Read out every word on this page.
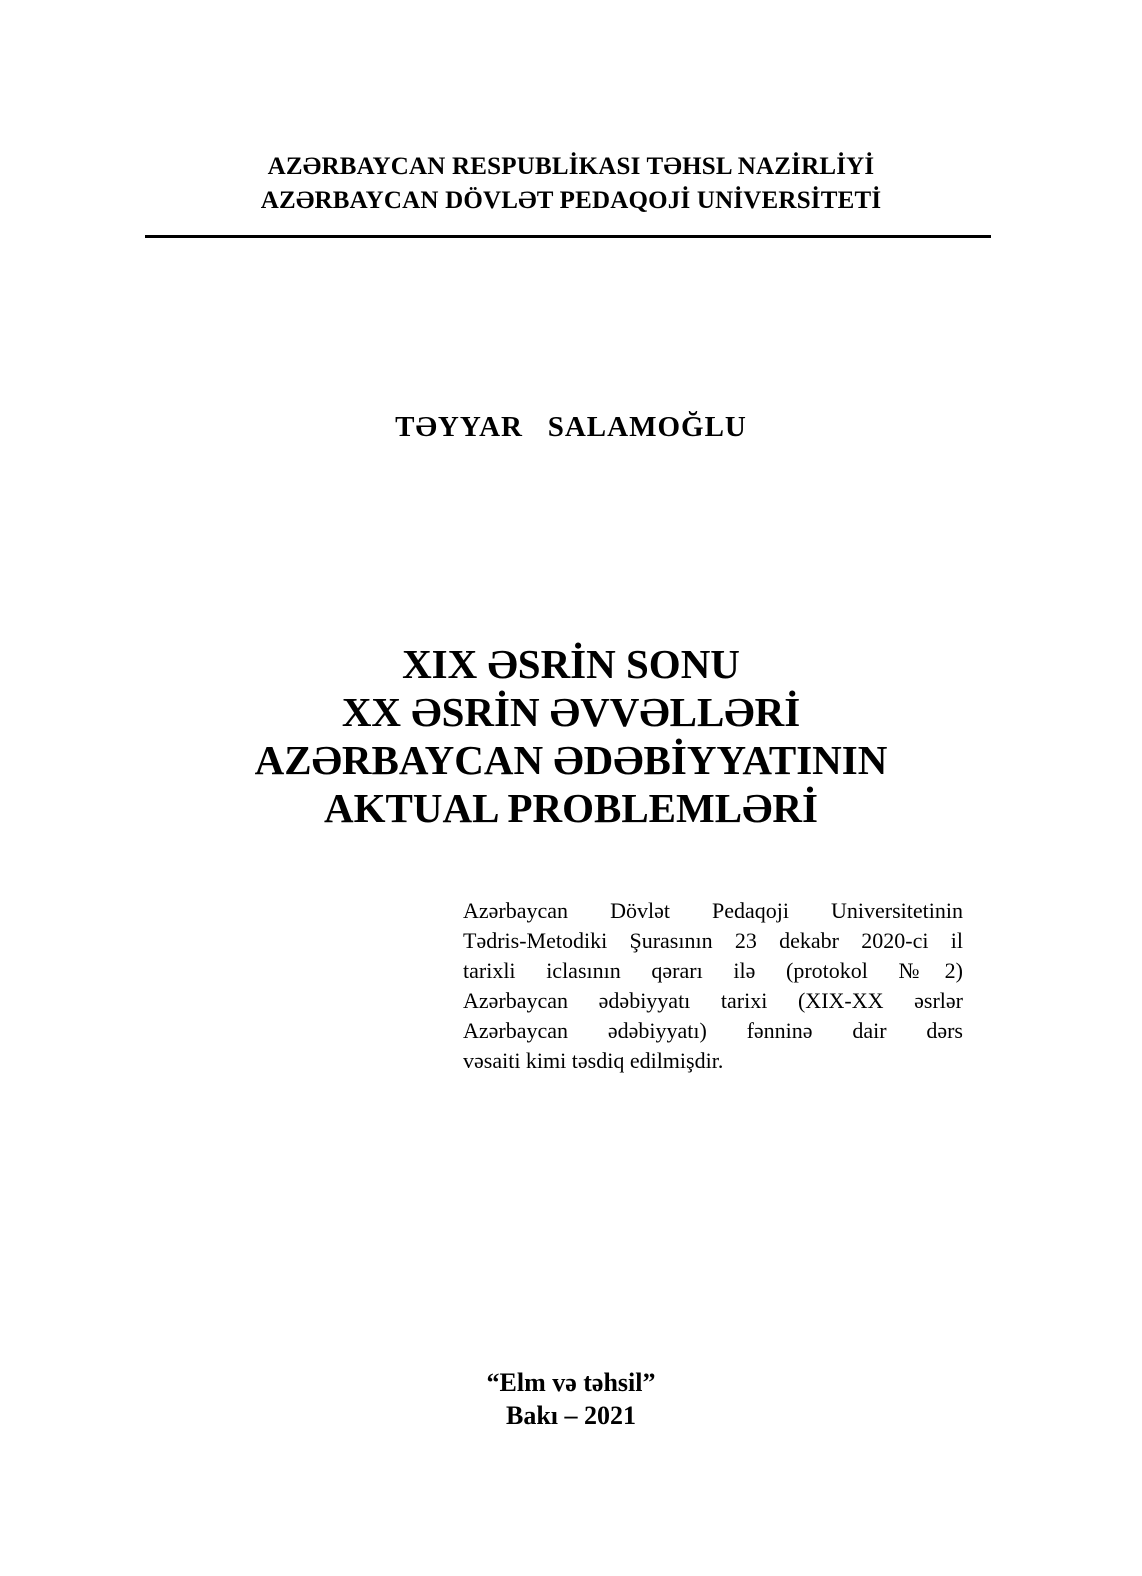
AZƏRBAYCAN RESPUBLİKASI TƏHSL NAZİRLİYİ
AZƏRBAYCAN DÖVLƏT PEDAQOJİ UNİVERSİTETİ
TƏYYAR   SALAMOĞLU
XIX ƏSRİN SONU
XX ƏSRİN ƏVVƏLLƏRİ
AZƏRBAYCAN ƏDƏBİYYATININ
AKTUAL PROBLEMLƏRİ
Azərbaycan Dövlət Pedaqoji Universitetinin
Tədris-Metodiki Şurasının 23 dekabr 2020-ci il
tarixli iclasının qərarı ilə (protokol №2)
Azərbaycan ədəbiyyatı tarixi (XIX-XX əsrlər
Azərbaycan ədəbiyyatı) fənninə dair dərs
vəsaiti kimi təsdiq edilmişdir.
“Elm və təhsil”
Bakı – 2021
